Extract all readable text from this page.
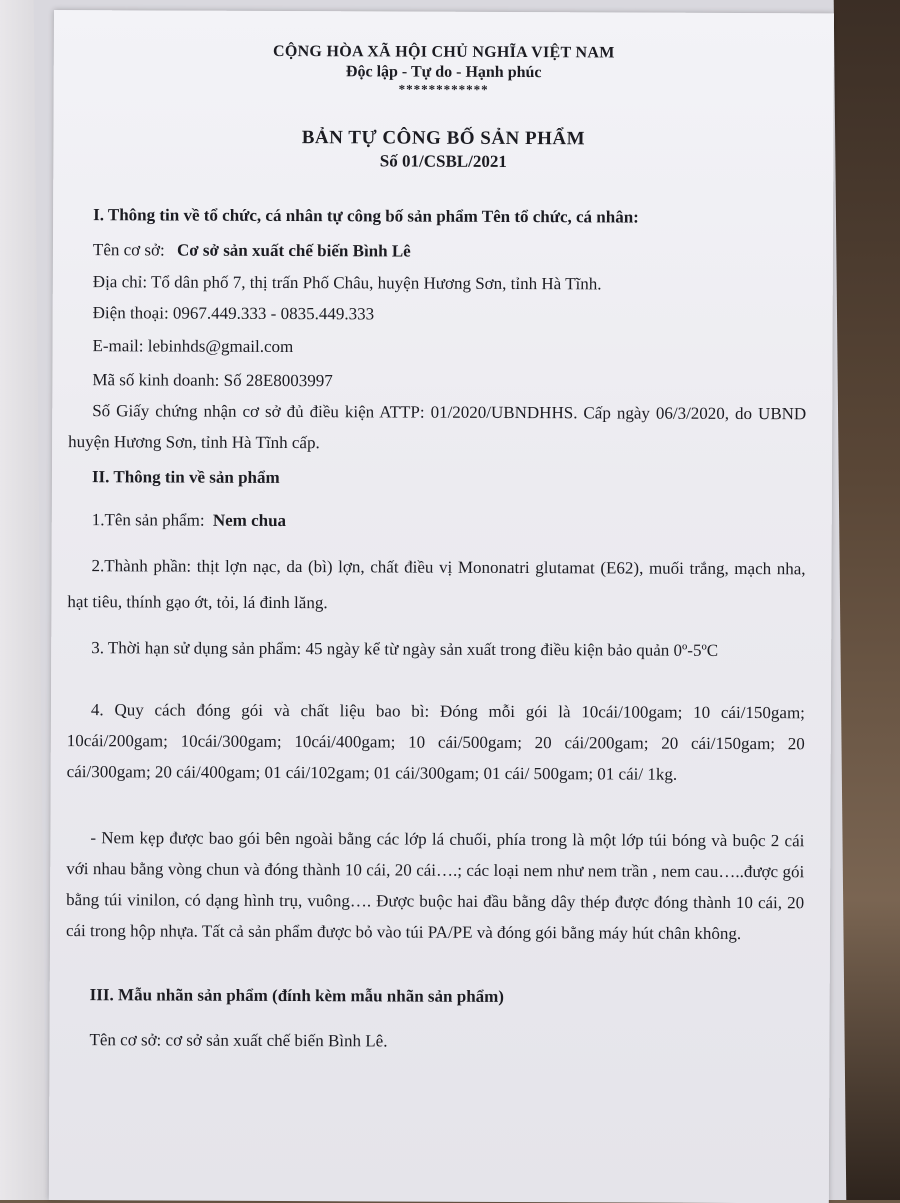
CỘNG HÒA XÃ HỘI CHỦ NGHĨA VIỆT NAM
Độc lập - Tự do - Hạnh phúc
************
BẢN TỰ CÔNG BỐ SẢN PHẨM
Số 01/CSBL/2021
I. Thông tin về tổ chức, cá nhân tự công bố sản phẩm Tên tổ chức, cá nhân:
Tên cơ sở: Cơ sở sản xuất chế biến Bình Lê
Địa chỉ: Tổ dân phố 7, thị trấn Phố Châu, huyện Hương Sơn, tỉnh Hà Tĩnh.
Điện thoại: 0967.449.333 - 0835.449.333
E-mail: lebinhds@gmail.com
Mã số kinh doanh: Số 28E8003997
Số Giấy chứng nhận cơ sở đủ điều kiện ATTP: 01/2020/UBNDHHS. Cấp ngày 06/3/2020, do UBND huyện Hương Sơn, tỉnh Hà Tĩnh cấp.
II. Thông tin về sản phẩm
1.Tên sản phẩm: Nem chua
2.Thành phần: thịt lợn nạc, da (bì) lợn, chất điều vị Mononatri glutamat (E62), muối trắng, mạch nha, hạt tiêu, thính gạo ớt, tỏi, lá đinh lăng.
3. Thời hạn sử dụng sản phẩm: 45 ngày kể từ ngày sản xuất trong điều kiện bảo quản 0º-5ºC
4. Quy cách đóng gói và chất liệu bao bì: Đóng mỗi gói là 10cái/100gam; 10 cái/150gam; 10cái/200gam; 10cái/300gam; 10cái/400gam; 10 cái/500gam; 20 cái/200gam; 20 cái/150gam; 20 cái/300gam; 20 cái/400gam; 01 cái/102gam; 01 cái/300gam; 01 cái/ 500gam; 01 cái/ 1kg.
- Nem kẹp được bao gói bên ngoài bằng các lớp lá chuối, phía trong là một lớp túi bóng và buộc 2 cái với nhau bằng vòng chun và đóng thành 10 cái, 20 cái….; các loại nem như nem trần , nem cau…..được gói bằng túi vinilon, có dạng hình trụ, vuông…. Được buộc hai đầu bằng dây thép được đóng thành 10 cái, 20 cái trong hộp nhựa. Tất cả sản phẩm được bỏ vào túi PA/PE và đóng gói bằng máy hút chân không.
III. Mẫu nhãn sản phẩm (đính kèm mẫu nhãn sản phẩm)
Tên cơ sở: cơ sở sản xuất chế biến Bình Lê.
